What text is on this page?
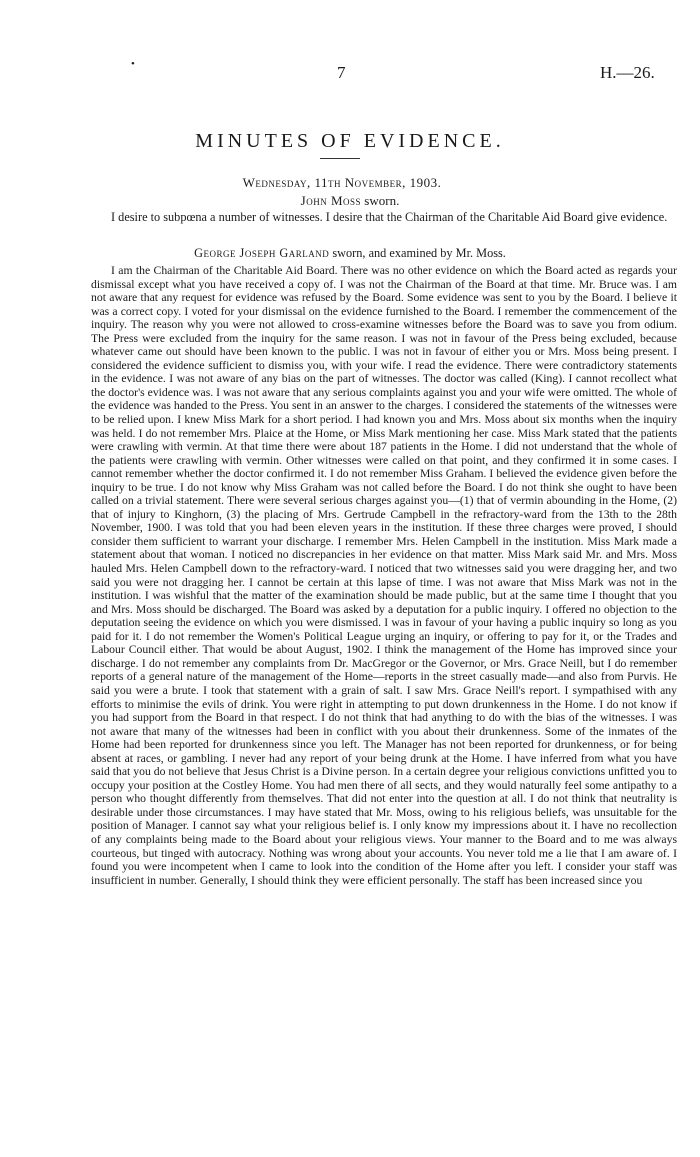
•	7	H.—26.
MINUTES OF EVIDENCE.
Wednesday, 11th November, 1903.
John Moss sworn.

I desire to subpœna a number of witnesses. I desire that the Chairman of the Charitable Aid Board give evidence.

George Joseph Garland sworn, and examined by Mr. Moss.

I am the Chairman of the Charitable Aid Board. There was no other evidence on which the Board acted as regards your dismissal except what you have received a copy of. I was not the Chairman of the Board at that time. Mr. Bruce was. I am not aware that any request for evidence was refused by the Board. Some evidence was sent to you by the Board. I believe it was a correct copy. I voted for your dismissal on the evidence furnished to the Board. I remember the commencement of the inquiry. The reason why you were not allowed to cross-examine witnesses before the Board was to save you from odium. The Press were excluded from the inquiry for the same reason. I was not in favour of the Press being excluded, because whatever came out should have been known to the public. I was not in favour of either you or Mrs. Moss being present. I considered the evidence sufficient to dismiss you, with your wife. I read the evidence. There were contradictory statements in the evidence. I was not aware of any bias on the part of witnesses. The doctor was called (King). I cannot recollect what the doctor's evidence was. I was not aware that any serious complaints against you and your wife were omitted. The whole of the evidence was handed to the Press. You sent in an answer to the charges. I considered the statements of the witnesses were to be relied upon. I knew Miss Mark for a short period. I had known you and Mrs. Moss about six months when the inquiry was held. I do not remember Mrs. Plaice at the Home, or Miss Mark mentioning her case. Miss Mark stated that the patients were crawling with vermin. At that time there were about 187 patients in the Home. I did not understand that the whole of the patients were crawling with vermin. Other witnesses were called on that point, and they confirmed it in some cases. I cannot remember whether the doctor confirmed it. I do not remember Miss Graham. I believed the evidence given before the inquiry to be true. I do not know why Miss Graham was not called before the Board. I do not think she ought to have been called on a trivial statement. There were several serious charges against you—(1) that of vermin abounding in the Home, (2) that of injury to Kinghorn, (3) the placing of Mrs. Gertrude Campbell in the refractory-ward from the 13th to the 28th November, 1900. I was told that you had been eleven years in the institution. If these three charges were proved, I should consider them sufficient to warrant your discharge. I remember Mrs. Helen Campbell in the institution. Miss Mark made a statement about that woman. I noticed no discrepancies in her evidence on that matter. Miss Mark said Mr. and Mrs. Moss hauled Mrs. Helen Campbell down to the refractory-ward. I noticed that two witnesses said you were dragging her, and two said you were not dragging her. I cannot be certain at this lapse of time. I was not aware that Miss Mark was not in the institution. I was wishful that the matter of the examination should be made public, but at the same time I thought that you and Mrs. Moss should be discharged. The Board was asked by a deputation for a public inquiry. I offered no objection to the deputation seeing the evidence on which you were dismissed. I was in favour of your having a public inquiry so long as you paid for it. I do not remember the Women's Political League urging an inquiry, or offering to pay for it, or the Trades and Labour Council either. That would be about August, 1902. I think the management of the Home has improved since your discharge. I do not remember any complaints from Dr. MacGregor or the Governor, or Mrs. Grace Neill, but I do remember reports of a general nature of the management of the Home—reports in the street casually made—and also from Purvis. He said you were a brute. I took that statement with a grain of salt. I saw Mrs. Grace Neill's report. I sympathised with any efforts to minimise the evils of drink. You were right in attempting to put down drunkenness in the Home. I do not know if you had support from the Board in that respect. I do not think that had anything to do with the bias of the witnesses. I was not aware that many of the witnesses had been in conflict with you about their drunkenness. Some of the inmates of the Home had been reported for drunkenness since you left. The Manager has not been reported for drunkenness, or for being absent at races, or gambling. I never had any report of your being drunk at the Home. I have inferred from what you have said that you do not believe that Jesus Christ is a Divine person. In a certain degree your religious convictions unfitted you to occupy your position at the Costley Home. You had men there of all sects, and they would naturally feel some antipathy to a person who thought differently from themselves. That did not enter into the question at all. I do not think that neutrality is desirable under those circumstances. I may have stated that Mr. Moss, owing to his religious beliefs, was unsuitable for the position of Manager. I cannot say what your religious belief is. I only know my impressions about it. I have no recollection of any complaints being made to the Board about your religious views. Your manner to the Board and to me was always courteous, but tinged with autocracy. Nothing was wrong about your accounts. You never told me a lie that I am aware of. I found you were incompetent when I came to look into the condition of the Home after you left. I consider your staff was insufficient in number. Generally, I should think they were efficient personally. The staff has been increased since you
